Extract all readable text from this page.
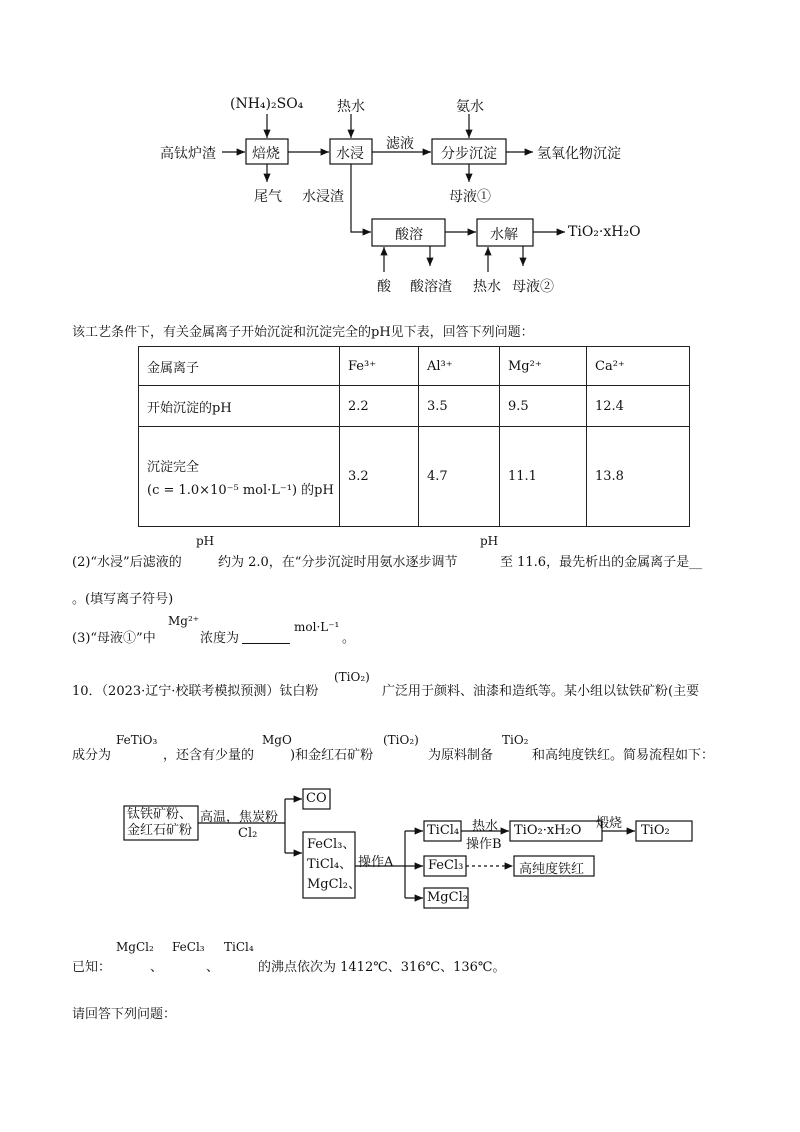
(NH₄)₂SO₄ 热水	氨水
高钛炉渣	焙烧	水浸
滤液
分步沉淀	氢氧化物沉淀
尾气 水浸渣	母液①
酸溶	水解	TiO₂·xH₂O
酸 酸溶渣 热水 母液②
该工艺条件下，有关金属离子开始沉淀和沉淀完全的pH见下表，回答下列问题：
金属离子	Fe³⁺	Al³⁺	Mg²⁺	Ca²⁺
开始沉淀的pH	2.2	3.5	9.5	12.4

沉淀完全
(c = 1.0×10⁻⁵ mol·L⁻¹) 的pH	3.2	4.7	11.1	13.8
(2)“水浸”后滤液的
pH
约为 2.0，在“分步沉淀时用氨水逐步调节
pH
至 11.6，最先析出的金属离子是__
。(填写离子符号)
(3)“母液①”中
Mg²⁺
浓度为
mol·L⁻¹
。
10．（2023·辽宁·校联考模拟预测）钛白粉
(TiO₂)
广泛用于颜料、油漆和造纸等。某小组以钛铁矿粉(主要
成分为
FeTiO₃
，还含有少量的
MgO
)和金红石矿粉
(TiO₂)
为原料制备
TiO₂
和高纯度铁红。简易流程如下：
钛铁矿粉、
金红石矿粉
高温，焦炭粉
Cl₂
CO
FeCl₃、
TiCl₄、
MgCl₂、
操作A
TiCl₄ 热水
操作B
TiO₂·xH₂O 煅烧 TiO₂
FeCl₃	高纯度铁红
MgCl₂
已知：
MgCl₂
、
FeCl₃
、
TiCl₄
的沸点依次为 1412℃、316℃、136℃。
请回答下列问题：
